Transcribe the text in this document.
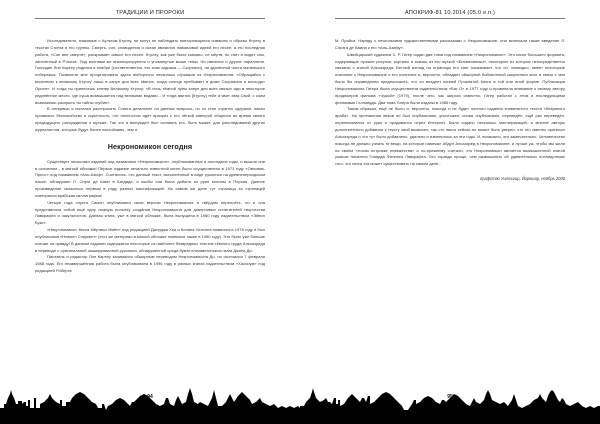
ТРАДИЦИИ И ПРОРОКИ

Исследователи, знакомые с Культом Ктулху, не могут не наблюдать повторяющиеся символы и образы Ктулху в текстах Стинга и его группы. Смерть, сон, сновидения и океан являются навязчивой идеей его песен, а его последняя работа, «Сон вне смерти», раскрывает смысл его песен. Ктулху, как уже было сказано, не мёртв, но спит и видит сны, заточённый в Р'льехе. Под волнами же инкапсулируются и упомянутые выше темы. Но имеются и другие параллели. Господин Лин Картер родился в ноябре (соответственно, его знак зодиака — Скорпион), на удалённой части маленького побережья. Позвольте мне процитировать здесь выборочно несколько отрывков из Некрономикона: «Обращайся с молитвою к великому Ктулху лишь в канун дня всех святых, когда солнце пребывает в доме Скорпиона и восходит Орион». И тогда ты принесешь клятву Великому Ктулху: «В ночь тёмной луны канун дня всех святых иди в некоторое уединённое место, где суша возвышается над великими водами... И тогда явится [Ктулху] тебе и явит знак Свой, с коим возможешь раскрыть ты тайны глубин».

В интервью я пытался расспросить Стинга детальнее на данные вопросы, но он стал странно сдержан, начал проявлять беспокойство и скрытность, что полностью идёт вразрез с его лёгкой манерой общения во время своего предыдущего рассуждения о музыке. Так что я вынужден был оставить его, быть может, для расследований других журналистов, которые будут более настойчивы, чем я.

Некрономикон сегодня

Существует несколько изданий под названием «Некрономикон», опубликованных в последние годы, и вышли они в основном... в мягкой обложке! Первое издание печально известной книги было осуществлено в 1973 году «Овловик-Пресс» под названием «Аль-Азиф». Считалось, что данный текст, выполненный в виде рукописи на древнеперсидском языке, обнаружил Л. Спрэг де Камп в Багдаде, и якобы она была добыта из руин могилы в Персии. Данное произведение оказалось первым в ряду разных мистификаций. На самом же деле тут страница за страницей повторялся арабская каллиграфия!

Четыре года спустя Симон опубликовал свою версию Некрономикона в твёрдом переплёте, но и она представляла собой ещё одну ложную попытку создания Некрономикона для доверчивых почитателей творчества Лавкрафта и оккультистов. Данная книга, уже в мягкой обложке, была выпущена в 1980 году издательством «Эйвон Букс».

«Некрономикон: Книга Мёртвых Имён» под редакцией Джорджа Хея и Колина Уилсона появился в 1978 году и был опубликован «Невилл Спирмен» (этот же материал в мягкой обложке появился также в 1980 году). Это было уже больше похоже на правду! В данном издании содержатся некоторые из наиболее безвредных текстов тёмного труда Альхазреда в переводе с оригинальной зашифрованной рукописи, обнаруженной среди бумаг елизаветинского мага Джона Ди.

Писатель и редактор Лин Картер занимался обширным переводом Некрономикона Ди, но скончался 7 февраля 1988 года. Его незавершённая работа была опубликована в 1996 году в разных книгах издательством «Хаосиум» под редакцией Роберта

94
АПОКРИФ-81 10.2014 (05.0 е.п.)

М. Прайса. Наряду с несколькими художественными рассказами о Некрономиконе, они включали также введение Л. Спрэга де Кампа к его «Аль-Азифу».

Швейцарский художник Х. Р. Гигер издал два тома под названием «Некрономикон». Это книги большего формата, содержащие лучшие рисунки, картины и эскизы из его жуткой «Биомеханики», некоторые из которых непосредственно связаны с книгой Альхазреда. Беглый взгляд на страницы его книг показывает, что он, очевидно, имеет некоторые познания о Некрономиконе и его пантеоне и, вероятно, обладает обширной библиотекой оккультных книг, в связи с чем было бы справедливо предположить, что он владеет копией Проклятой Книги в той или иной форме. Публикация Некрономикона Гигера была осуществлена издательством «Биг О» в 1977 году и привлекла внимание к своему автору продюсеров фильма «Чужой» (1979), после чего, как широко известно, Гигер работал с этим и последующими фильмами Голливуда. Два тома Гигера были изданы в 1986 году.

Таким образом, ещё не было и, вероятно, никогда и не будет полного издания знаменитого текста «безумного араба». На протяжении веков он был опубликован, уничтожен, снова опубликован, переведён, ещё раз переведён, переписывался от руки и продавался через Интернет. Было издано несколько мистификаций, и многие авторы дополнительно добавили к тексту свой вымысел, так что никто сейчас не может быть уверен, что это именно оригинал Альхазреда и что тут было добавлено, удалено и изменилось за эти годы. И, возможно, это замечательно. Человечество никогда не должно узнать те вещи, на которые намекал Абдул Альхазред в Некрономиконе, и лучше уж, чтобы мы жили на своём «тихом островке невежества» и по-прежнему считали, что Некрономикон является вымышленной книгой ужасов писателя Говарда Филипса Лавкрафта. Это гораздо проще, чем размышлять об удивительных последствиях того, что книга эта может существовать на самом деле...

графство Уилтшир, Йоркшир, ноябрь 2000
95
